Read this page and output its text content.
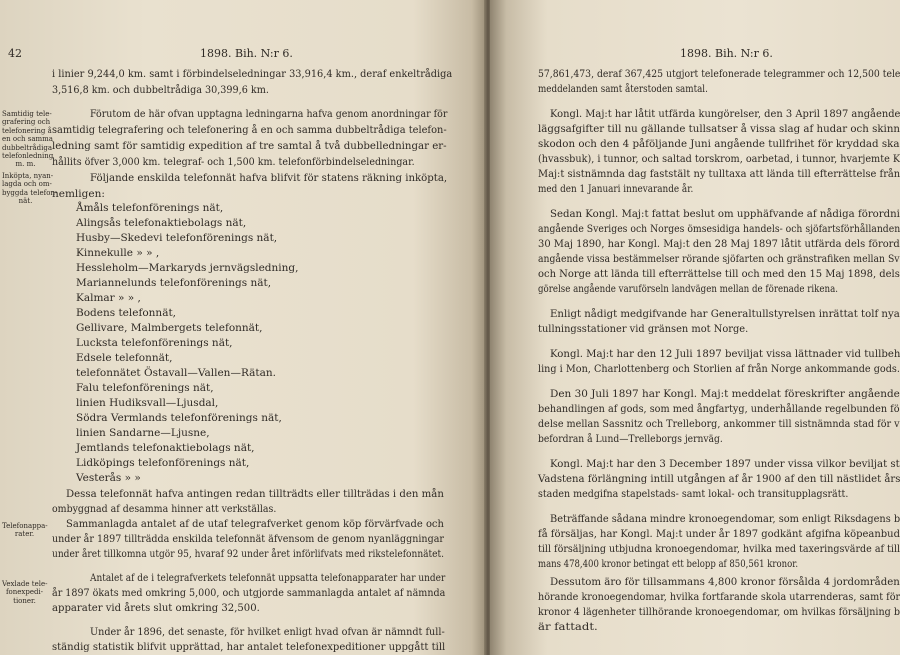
42	1898. Bih. N:r 6.
Samtidig tele-
grafering och
telefonering å
en och samma
dubbeltrådiga
telefonledning
m. m.
Inköpta, nyan-
lagda och om-
byggda telefon-
nät.
Telefonappa-
rater.
Vexlade tele-
fonexpedi-
tioner.
i linier 9,244,0 km. samt i förbindelseledningar 33,916,4 km., deraf enkeltrådiga
3,516,8 km. och dubbeltrådiga 30,399,6 km.
Förutom de här ofvan upptagna ledningarna hafva genom anordningar för
samtidig telegrafering och telefonering å en och samma dubbeltrådiga telefon-
ledning samt för samtidig expedition af tre samtal å två dubbelledningar er-
hållits öfver 3,000 km. telegraf- och 1,500 km. telefonförbindelseledningar.
Följande enskilda telefonnät hafva blifvit för statens räkning inköpta,
nemligen:
Åmåls telefonförenings nät,
Alingsås telefonaktiebolags nät,
Husby—Skedevi telefonförenings nät,
Kinnekulle » » ,
Hessleholm—Markaryds jernvägsledning,
Mariannelunds telefonförenings nät,
Kalmar » » ,
Bodens telefonnät,
Gellivare, Malmbergets telefonnät,
Lucksta telefonförenings nät,
Edsele telefonnät,
telefonnätet Östavall—Vallen—Rätan.
Falu telefonförenings nät,
linien Hudiksvall—Ljusdal,
Södra Vermlands telefonförenings nät,
linien Sandarne—Ljusne,
Jemtlands telefonaktiebolags nät,
Lidköpings telefonförenings nät,
Vesterås » »
Dessa telefonnät hafva antingen redan tillträdts eller tillträdas i den mån
ombyggnad af desamma hinner att verkställas.
Sammanlagda antalet af de utaf telegrafverket genom köp förvärfvade och
under år 1897 tillträdda enskilda telefonnät äfvensom de genom nyanläggningar
under året tillkomna utgör 95, hvaraf 92 under året införlifvats med rikstelefonnätet.
Antalet af de i telegrafverkets telefonnät uppsatta telefonapparater har under
år 1897 ökats med omkring 5,000, och utgjorde sammanlagda antalet af nämnda
apparater vid årets slut omkring 32,500.
Under år 1896, det senaste, för hvilket enligt hvad ofvan är nämndt full-
ständig statistik blifvit upprättad, har antalet telefonexpeditioner uppgått till
1898. Bih. N:r 6.
57,861,473, deraf 367,425 utgjort telefonerade telegrammer och 12,500 tele
meddelanden samt återstoden samtal.
Kongl. Maj:t har låtit utfärda kungörelser, den 3 April 1897 angående
läggsafgifter till nu gällande tullsatser å vissa slag af hudar och skinn
skodon och den 4 påföljande Juni angående tullfrihet för kryddad ska
(hvassbuk), i tunnor, och saltad torskrom, oarbetad, i tunnor, hvarjemte K
Maj:t sistnämnda dag faststält ny tulltaxa att lända till efterrättelse från
med den 1 Januari innevarande år.
Sedan Kongl. Maj:t fattat beslut om upphäfvande af nådiga förordni
angående Sveriges och Norges ömsesidiga handels- och sjöfartsförhållanden
30 Maj 1890, har Kongl. Maj:t den 28 Maj 1897 låtit utfärda dels förord
angående vissa bestämmelser rörande sjöfarten och gränstrafiken mellan Sv
och Norge att lända till efterrättelse till och med den 15 Maj 1898, dels
görelse angående varuförseln landvägen mellan de förenade rikena.
Enligt nådigt medgifvande har Generaltullstyrelsen inrättat tolf nya
tullningsstationer vid gränsen mot Norge.
Kongl. Maj:t har den 12 Juli 1897 beviljat vissa lättnader vid tullbeh
ling i Mon, Charlottenberg och Storlien af från Norge ankommande gods.
Den 30 Juli 1897 har Kongl. Maj:t meddelat föreskrifter angående
behandlingen af gods, som med ångfartyg, underhållande regelbunden fö
delse mellan Sassnitz och Trelleborg, ankommer till sistnämnda stad för v
befordran å Lund—Trelleborgs jernväg.
Kongl. Maj:t har den 3 December 1897 under vissa vilkor beviljat st
Vadstena förlängning intill utgången af år 1900 af den till nästlidet års
staden medgifna stapelstads- samt lokal- och transitupplagsrätt.
Beträffande sådana mindre kronoegendomar, som enligt Riksdagens b
få försäljas, har Kongl. Maj:t under år 1897 godkänt afgifna köpeanbud
till försäljning utbjudna kronoegendomar, hvilka med taxeringsvärde af till
mans 478,400 kronor betingat ett belopp af 850,561 kronor.
Dessutom äro för tillsammans 4,800 kronor försålda 4 jordområden
hörande kronoegendomar, hvilka fortfarande skola utarrenderas, samt för
kronor 4 lägenheter tillhörande kronoegendomar, om hvilkas försäljning b
är fattadt.
